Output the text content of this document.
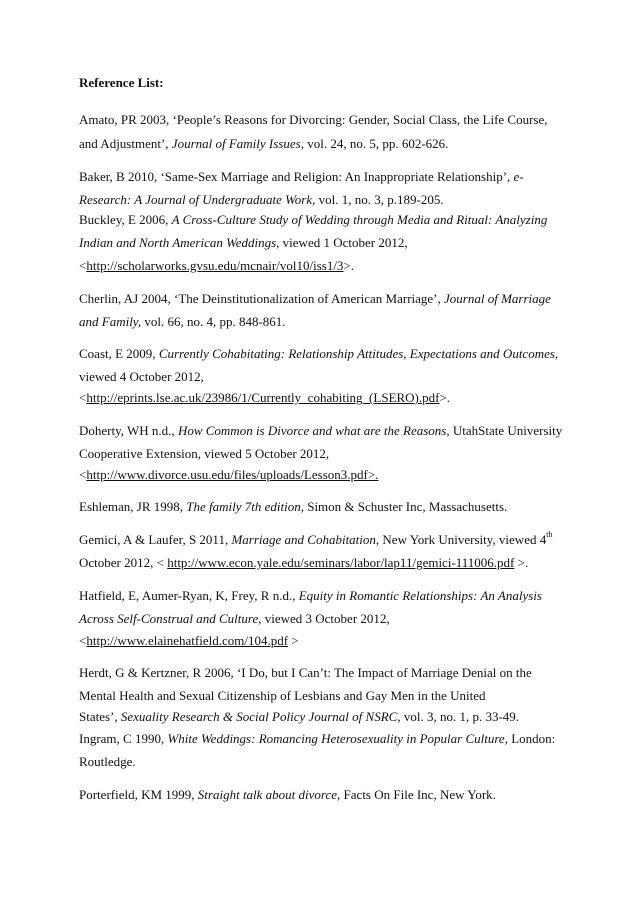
Reference List:
Amato, PR 2003, ‘People’s Reasons for Divorcing: Gender, Social Class, the Life Course,
and Adjustment’, Journal of Family Issues, vol. 24, no. 5, pp. 602-626.
Baker, B 2010, ‘Same-Sex Marriage and Religion: An Inappropriate Relationship’, e-
Research: A Journal of Undergraduate Work, vol. 1, no. 3, p.189-205.
Buckley, E 2006, A Cross-Culture Study of Wedding through Media and Ritual: Analyzing
Indian and North American Weddings, viewed 1 October 2012,
<http://scholarworks.gvsu.edu/mcnair/vol10/iss1/3>.
Cherlin, AJ 2004, ‘The Deinstitutionalization of American Marriage’, Journal of Marriage
and Family, vol. 66, no. 4, pp. 848-861.
Coast, E 2009, Currently Cohabitating: Relationship Attitudes, Expectations and Outcomes,
viewed 4 October 2012,
<http://eprints.lse.ac.uk/23986/1/Currently_cohabiting_(LSERO).pdf>.
Doherty, WH n.d., How Common is Divorce and what are the Reasons, UtahState University
Cooperative Extension, viewed 5 October 2012,
<http://www.divorce.usu.edu/files/uploads/Lesson3.pdf>.
Eshleman, JR 1998, The family 7th edition, Simon & Schuster Inc, Massachusetts.
Gemici, A & Laufer, S 2011, Marriage and Cohabitation, New York University, viewed 4th
October 2012, < http://www.econ.yale.edu/seminars/labor/lap11/gemici-111006.pdf >.
Hatfield, E, Aumer-Ryan, K, Frey, R n.d., Equity in Romantic Relationships: An Analysis
Across Self-Construal and Culture, viewed 3 October 2012,
<http://www.elainehatfield.com/104.pdf >
Herdt, G & Kertzner, R 2006, ‘I Do, but I Can’t: The Impact of Marriage Denial on the
Mental Health and Sexual Citizenship of Lesbians and Gay Men in the United
States’, Sexuality Research & Social Policy Journal of NSRC, vol. 3, no. 1, p. 33-49.
Ingram, C 1990, White Weddings: Romancing Heterosexuality in Popular Culture, London:
Routledge.
Porterfield, KM 1999, Straight talk about divorce, Facts On File Inc, New York.
